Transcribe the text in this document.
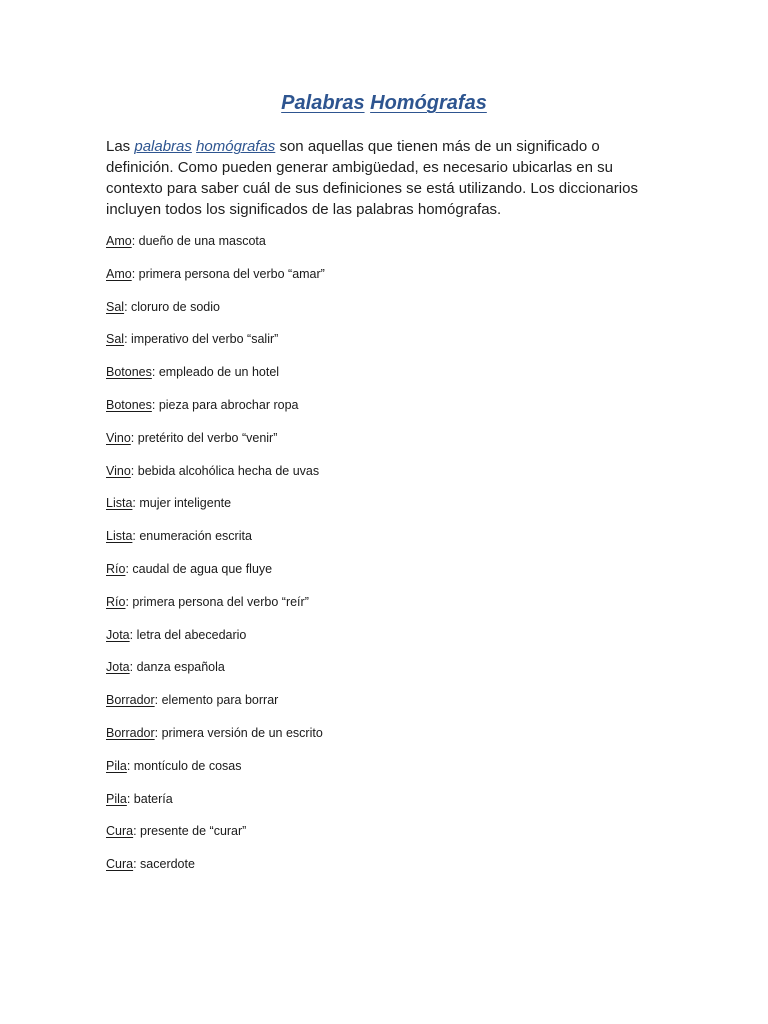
Palabras Homógrafas
Las palabras homógrafas son aquellas que tienen más de un significado o definición. Como pueden generar ambigüedad, es necesario ubicarlas en su contexto para saber cuál de sus definiciones se está utilizando. Los diccionarios incluyen todos los significados de las palabras homógrafas.
Amo: dueño de una mascota
Amo: primera persona del verbo “amar”
Sal: cloruro de sodio
Sal: imperativo del verbo “salir”
Botones: empleado de un hotel
Botones: pieza para abrochar ropa
Vino: pretérito del verbo “venir”
Vino: bebida alcohólica hecha de uvas
Lista: mujer inteligente
Lista: enumeración escrita
Río: caudal de agua que fluye
Río: primera persona del verbo “reír”
Jota: letra del abecedario
Jota: danza española
Borrador: elemento para borrar
Borrador: primera versión de un escrito
Pila: montículo de cosas
Pila: batería
Cura: presente de “curar”
Cura: sacerdote
